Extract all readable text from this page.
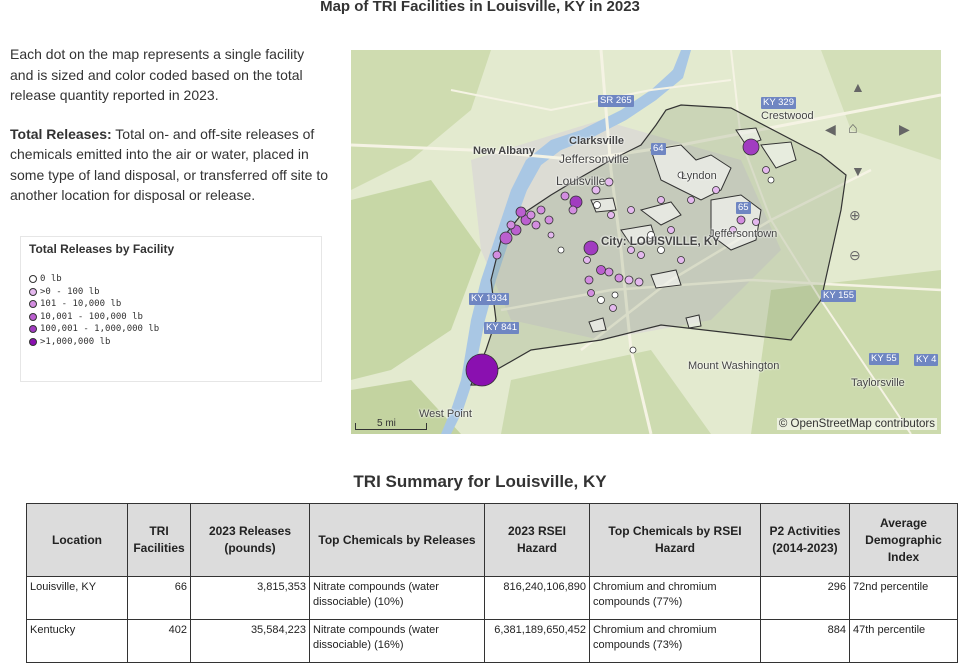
Map of TRI Facilities in Louisville, KY in 2023

Each dot on the map represents a single facility and is sized and color coded based on the total release quantity reported in 2023.

Total Releases: Total on- and off-site releases of chemicals emitted into the air or water, placed in some type of land disposal, or transferred off site to another location for disposal or release.

Total Releases by Facility
0 lb
>0 - 100 lb
101 - 10,000 lb
10,001 - 100,000 lb
100,001 - 1,000,000 lb
>1,000,000 lb
New Albany
Clarksville
Jeffersonville
Louisville
City: LOUISVILLE, KY
Lyndon
Jeffersontown
Crestwood
Mount Washington
Taylorsville
West Point
SR 265	KY 329
KY 1934
KY 841
KY 155
KY 55 KY 4
64
65
▲
◀ ⌂	▶
▼
⊕
⊖
5 mi	© OpenStreetMap contributors
TRI Summary for Louisville, KY
Location	TRI Facilities	2023 Releases (pounds)	Top Chemicals by Releases	2023 RSEI Hazard	Top Chemicals by RSEI Hazard	P2 Activities (2014-2023)	Average Demographic Index
Louisville, KY	66	3,815,353	Nitrate compounds (water dissociable) (10%)	816,240,106,890	Chromium and chromium compounds (77%)	296	72nd percentile
Kentucky	402	35,584,223	Nitrate compounds (water dissociable) (16%)	6,381,189,650,452	Chromium and chromium compounds (73%)	884	47th percentile
